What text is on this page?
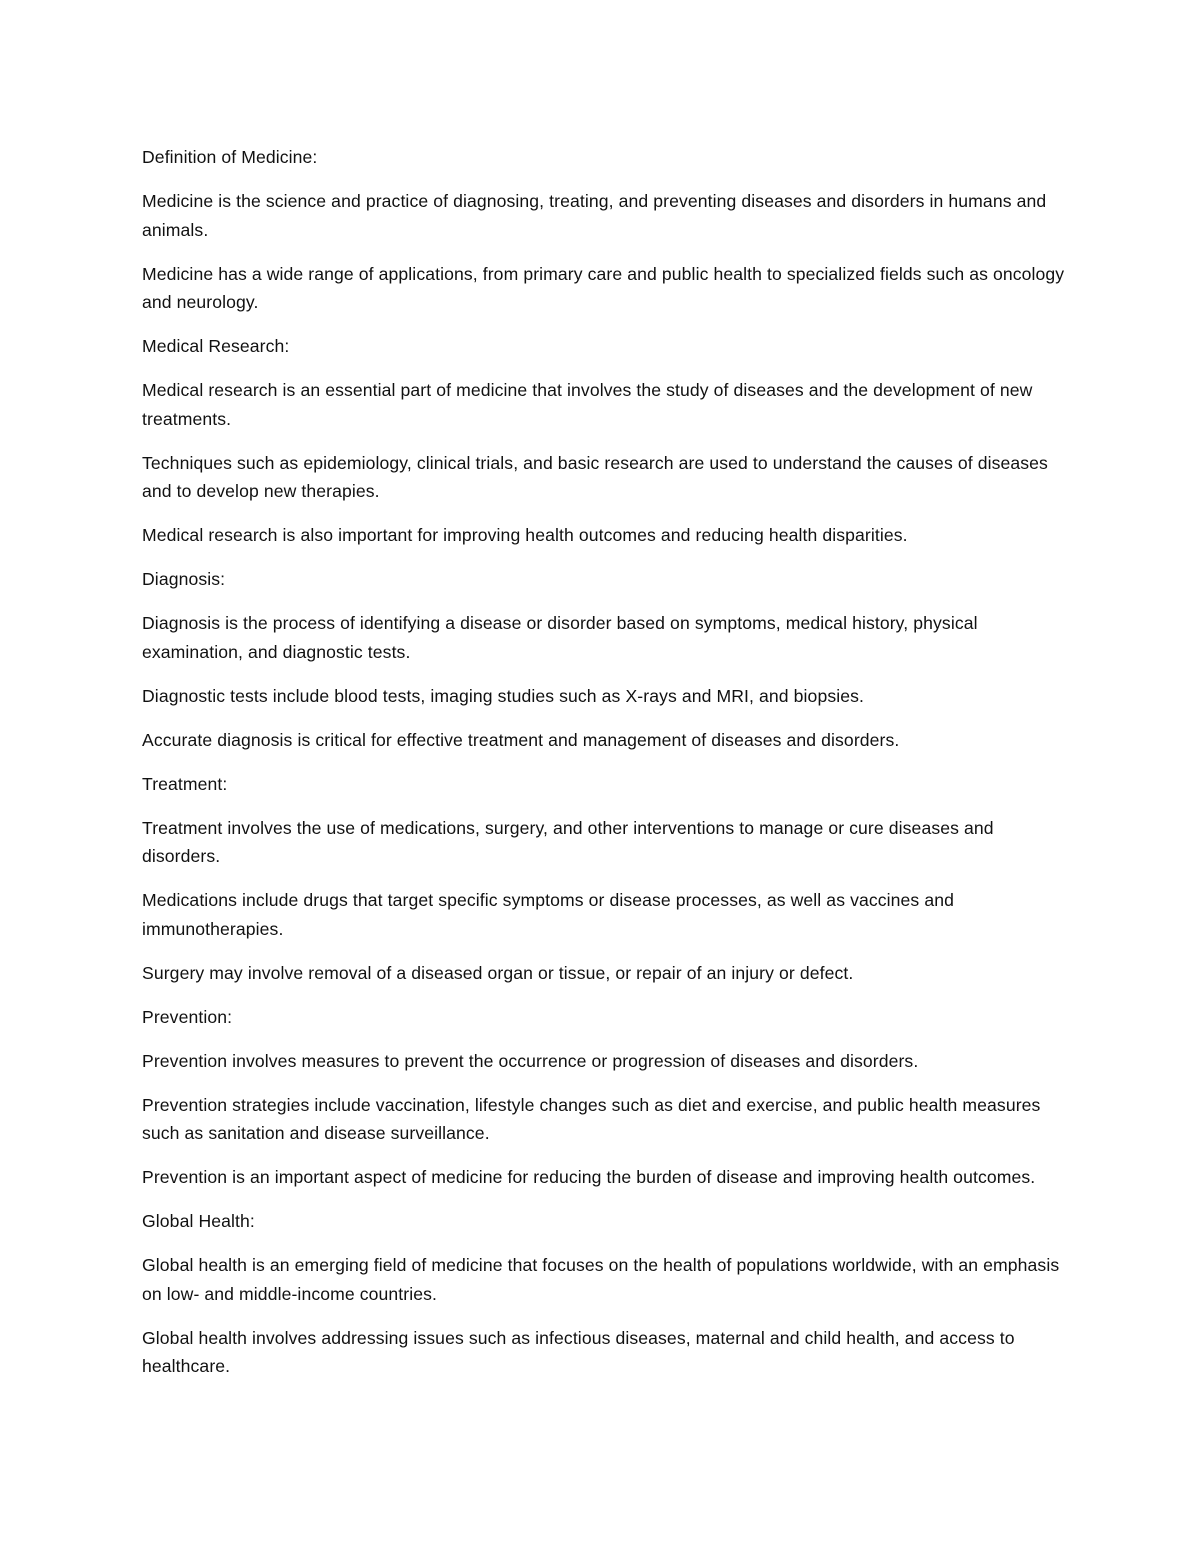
Definition of Medicine:

Medicine is the science and practice of diagnosing, treating, and preventing diseases and disorders in humans and animals.

Medicine has a wide range of applications, from primary care and public health to specialized fields such as oncology and neurology.

Medical Research:

Medical research is an essential part of medicine that involves the study of diseases and the development of new treatments.

Techniques such as epidemiology, clinical trials, and basic research are used to understand the causes of diseases and to develop new therapies.

Medical research is also important for improving health outcomes and reducing health disparities.

Diagnosis:

Diagnosis is the process of identifying a disease or disorder based on symptoms, medical history, physical examination, and diagnostic tests.

Diagnostic tests include blood tests, imaging studies such as X-rays and MRI, and biopsies.

Accurate diagnosis is critical for effective treatment and management of diseases and disorders.

Treatment:

Treatment involves the use of medications, surgery, and other interventions to manage or cure diseases and disorders.

Medications include drugs that target specific symptoms or disease processes, as well as vaccines and immunotherapies.

Surgery may involve removal of a diseased organ or tissue, or repair of an injury or defect.

Prevention:

Prevention involves measures to prevent the occurrence or progression of diseases and disorders.

Prevention strategies include vaccination, lifestyle changes such as diet and exercise, and public health measures such as sanitation and disease surveillance.

Prevention is an important aspect of medicine for reducing the burden of disease and improving health outcomes.

Global Health:

Global health is an emerging field of medicine that focuses on the health of populations worldwide, with an emphasis on low- and middle-income countries.

Global health involves addressing issues such as infectious diseases, maternal and child health, and access to healthcare.
